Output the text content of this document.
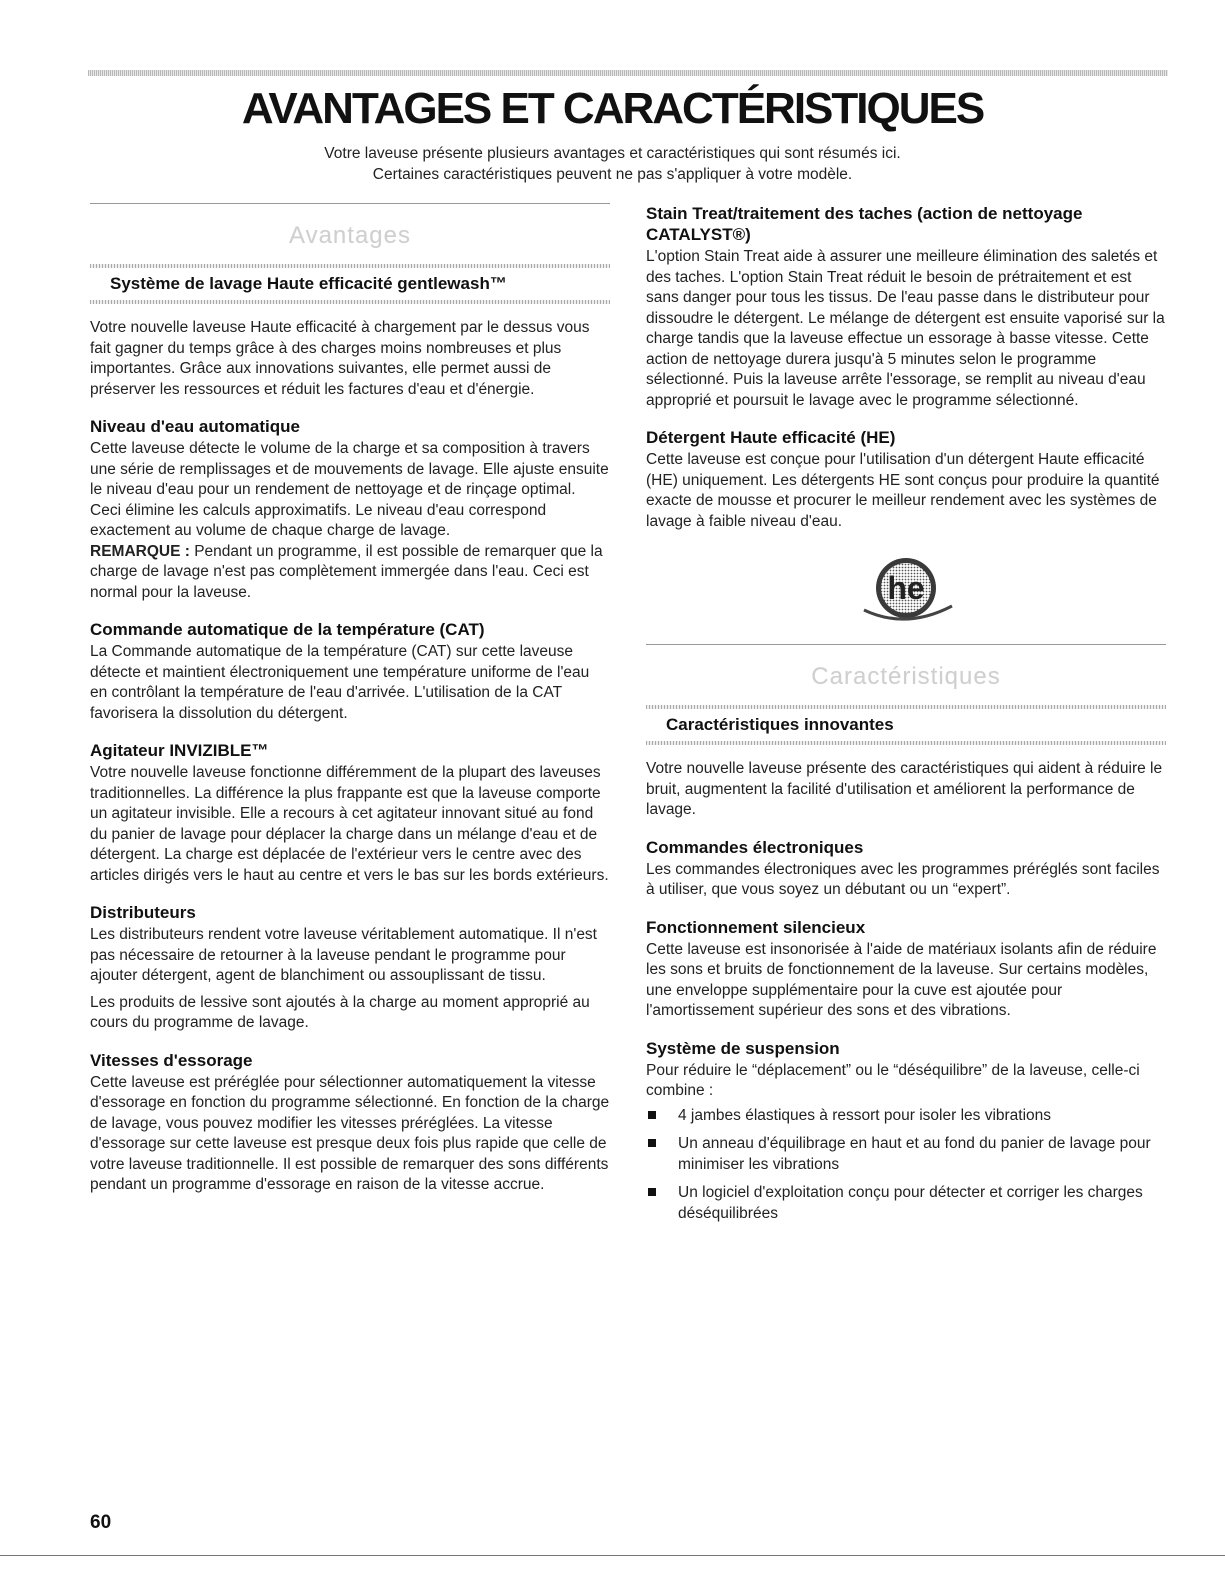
AVANTAGES ET CARACTÉRISTIQUES
Votre laveuse présente plusieurs avantages et caractéristiques qui sont résumés ici.
Certaines caractéristiques peuvent ne pas s'appliquer à votre modèle.
Avantages
Système de lavage Haute efficacité gentlewash™

Votre nouvelle laveuse Haute efficacité à chargement par le dessus vous fait gagner du temps grâce à des charges moins nombreuses et plus importantes. Grâce aux innovations suivantes, elle permet aussi de préserver les ressources et réduit les factures d'eau et d'énergie.

Niveau d'eau automatique

Cette laveuse détecte le volume de la charge et sa composition à travers une série de remplissages et de mouvements de lavage. Elle ajuste ensuite le niveau d'eau pour un rendement de nettoyage et de rinçage optimal. Ceci élimine les calculs approximatifs. Le niveau d'eau correspond exactement au volume de chaque charge de lavage.

REMARQUE : Pendant un programme, il est possible de remarquer que la charge de lavage n'est pas complètement immergée dans l'eau. Ceci est normal pour la laveuse.

Commande automatique de la température (CAT)

La Commande automatique de la température (CAT) sur cette laveuse détecte et maintient électroniquement une température uniforme de l'eau en contrôlant la température de l'eau d'arrivée. L'utilisation de la CAT favorisera la dissolution du détergent.

Agitateur INVIZIBLE™

Votre nouvelle laveuse fonctionne différemment de la plupart des laveuses traditionnelles. La différence la plus frappante est que la laveuse comporte un agitateur invisible. Elle a recours à cet agitateur innovant situé au fond du panier de lavage pour déplacer la charge dans un mélange d'eau et de détergent. La charge est déplacée de l'extérieur vers le centre avec des articles dirigés vers le haut au centre et vers le bas sur les bords extérieurs.

Distributeurs

Les distributeurs rendent votre laveuse véritablement automatique. Il n'est pas nécessaire de retourner à la laveuse pendant le programme pour ajouter détergent, agent de blanchiment ou assouplissant de tissu.

Les produits de lessive sont ajoutés à la charge au moment approprié au cours du programme de lavage.

Vitesses d'essorage

Cette laveuse est préréglée pour sélectionner automatiquement la vitesse d'essorage en fonction du programme sélectionné. En fonction de la charge de lavage, vous pouvez modifier les vitesses préréglées. La vitesse d'essorage sur cette laveuse est presque deux fois plus rapide que celle de votre laveuse traditionnelle. Il est possible de remarquer des sons différents pendant un programme d'essorage en raison de la vitesse accrue.

Stain Treat/traitement des taches (action de nettoyage CATALYST®)

L'option Stain Treat aide à assurer une meilleure élimination des saletés et des taches. L'option Stain Treat réduit le besoin de prétraitement et est sans danger pour tous les tissus. De l'eau passe dans le distributeur pour dissoudre le détergent. Le mélange de détergent est ensuite vaporisé sur la charge tandis que la laveuse effectue un essorage à basse vitesse. Cette action de nettoyage durera jusqu'à 5 minutes selon le programme sélectionné. Puis la laveuse arrête l'essorage, se remplit au niveau d'eau approprié et poursuit le lavage avec le programme sélectionné.

Détergent Haute efficacité (HE)

Cette laveuse est conçue pour l'utilisation d'un détergent Haute efficacité (HE) uniquement. Les détergents HE sont conçus pour produire la quantité exacte de mousse et procurer le meilleur rendement avec les systèmes de lavage à faible niveau d'eau.

he
Caractéristiques
Caractéristiques innovantes

Votre nouvelle laveuse présente des caractéristiques qui aident à réduire le bruit, augmentent la facilité d'utilisation et améliorent la performance de lavage.

Commandes électroniques

Les commandes électroniques avec les programmes préréglés sont faciles à utiliser, que vous soyez un débutant ou un “expert”.

Fonctionnement silencieux

Cette laveuse est insonorisée à l'aide de matériaux isolants afin de réduire les sons et bruits de fonctionnement de la laveuse. Sur certains modèles, une enveloppe supplémentaire pour la cuve est ajoutée pour l'amortissement supérieur des sons et des vibrations.

Système de suspension

Pour réduire le “déplacement” ou le “déséquilibre” de la laveuse, celle-ci combine :

4 jambes élastiques à ressort pour isoler les vibrations
Un anneau d'équilibrage en haut et au fond du panier de lavage pour minimiser les vibrations
Un logiciel d'exploitation conçu pour détecter et corriger les charges déséquilibrées
60
